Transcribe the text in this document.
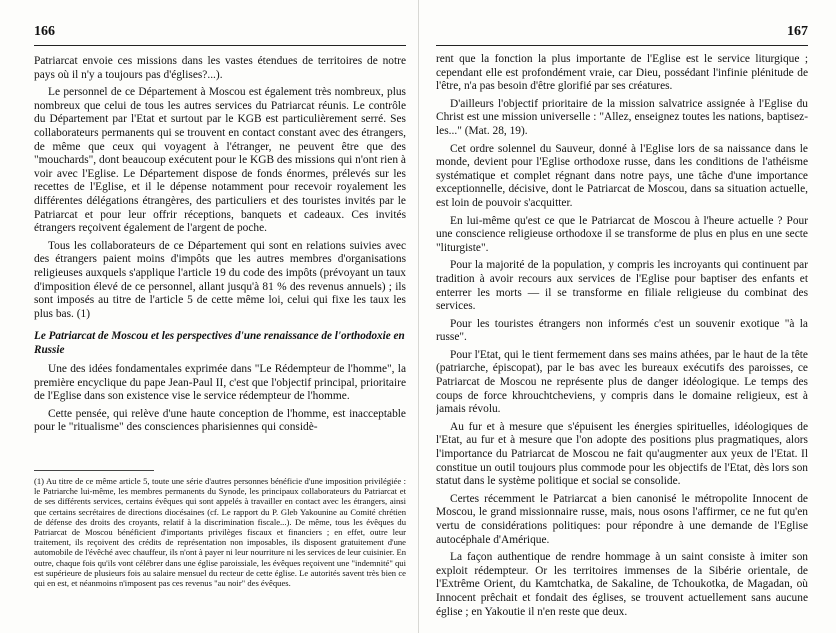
166

Patriarcat envoie ces missions dans les vastes étendues de territoires de notre pays où il n'y a toujours pas d'églises?...).

Le personnel de ce Département à Moscou est également très nombreux, plus nombreux que celui de tous les autres services du Patriarcat réunis. Le contrôle du Département par l'Etat et surtout par le KGB est particulièrement serré. Ses collaborateurs permanents qui se trouvent en contact constant avec des étrangers, de même que ceux qui voyagent à l'étranger, ne peuvent être que des "mouchards", dont beaucoup exécutent pour le KGB des missions qui n'ont rien à voir avec l'Eglise. Le Département dispose de fonds énormes, prélevés sur les recettes de l'Eglise, et il le dépense notamment pour recevoir royalement les différentes délégations étrangères, des particuliers et des touristes invités par le Patriarcat et pour leur offrir réceptions, banquets et cadeaux. Ces invités étrangers reçoivent également de l'argent de poche.

Tous les collaborateurs de ce Département qui sont en relations suivies avec des étrangers paient moins d'impôts que les autres membres d'organisations religieuses auxquels s'applique l'article 19 du code des impôts (prévoyant un taux d'imposition élevé de ce personnel, allant jusqu'à 81 % des revenus annuels) ; ils sont imposés au titre de l'article 5 de cette même loi, celui qui fixe les taux les plus bas. (1)

Le Patriarcat de Moscou et les perspectives d'une renaissance de l'orthodoxie en Russie

Une des idées fondamentales exprimée dans "Le Rédempteur de l'homme", la première encyclique du pape Jean-Paul II, c'est que l'objectif principal, prioritaire de l'Eglise dans son existence vise le service rédempteur de l'homme.

Cette pensée, qui relève d'une haute conception de l'homme, est inacceptable pour le "ritualisme" des consciences pharisiennes qui considè-

(1) Au titre de ce même article 5, toute une série d'autres personnes bénéficie d'une imposition privilégiée : le Patriarche lui-même, les membres permanents du Synode, les principaux collaborateurs du Patriarcat et de ses différents services, certains évêques qui sont appelés à travailler en contact avec les étrangers, ainsi que certains secrétaires de directions diocésaines (cf. Le rapport du P. Gleb Yakounine au Comité chrétien de défense des droits des croyants, relatif à la discrimination fiscale...). De même, tous les évêques du Patriarcat de Moscou bénéficient d'importants privilèges fiscaux et financiers ; en effet, outre leur traitement, ils reçoivent des crédits de représentation non imposables, ils disposent gratuitement d'une automobile de l'évêché avec chauffeur, ils n'ont à payer ni leur nourriture ni les services de leur cuisinier. En outre, chaque fois qu'ils vont célébrer dans une église paroissiale, les évêques reçoivent une "indemnité" qui est supérieure de plusieurs fois au salaire mensuel du recteur de cette église. Le autorités savent très bien ce qui en est, et néanmoins n'imposent pas ces revenus "au noir" des évêques.

167

rent que la fonction la plus importante de l'Eglise est le service liturgique ; cependant elle est profondément vraie, car Dieu, possédant l'infinie plénitude de l'être, n'a pas besoin d'être glorifié par ses créatures.

D'ailleurs l'objectif prioritaire de la mission salvatrice assignée à l'Eglise du Christ est une mission universelle : "Allez, enseignez toutes les nations, baptisez-les..." (Mat. 28, 19).

Cet ordre solennel du Sauveur, donné à l'Eglise lors de sa naissance dans le monde, devient pour l'Eglise orthodoxe russe, dans les conditions de l'athéisme systématique et complet régnant dans notre pays, une tâche d'une importance exceptionnelle, décisive, dont le Patriarcat de Moscou, dans sa situation actuelle, est loin de pouvoir s'acquitter.

En lui-même qu'est ce que le Patriarcat de Moscou à l'heure actuelle ? Pour une conscience religieuse orthodoxe il se transforme de plus en plus en une secte "liturgiste".

Pour la majorité de la population, y compris les incroyants qui continuent par tradition à avoir recours aux services de l'Eglise pour baptiser des enfants et enterrer les morts — il se transforme en filiale religieuse du combinat des services.

Pour les touristes étrangers non informés c'est un souvenir exotique "à la russe".

Pour l'Etat, qui le tient fermement dans ses mains athées, par le haut de la tête (patriarche, épiscopat), par le bas avec les bureaux exécutifs des paroisses, ce Patriarcat de Moscou ne représente plus de danger idéologique. Le temps des coups de force khrouchtcheviens, y compris dans le domaine religieux, est à jamais révolu.

Au fur et à mesure que s'épuisent les énergies spirituelles, idéologiques de l'Etat, au fur et à mesure que l'on adopte des positions plus pragmatiques, alors l'importance du Patriarcat de Moscou ne fait qu'augmenter aux yeux de l'Etat. Il constitue un outil toujours plus commode pour les objectifs de l'Etat, dès lors son statut dans le système politique et social se consolide.

Certes récemment le Patriarcat a bien canonisé le métropolite Innocent de Moscou, le grand missionnaire russe, mais, nous osons l'affirmer, ce ne fut qu'en vertu de considérations politiques: pour répondre à une demande de l'Eglise autocéphale d'Amérique.

La façon authentique de rendre hommage à un saint consiste à imiter son exploit rédempteur. Or les territoires immenses de la Sibérie orientale, de l'Extrême Orient, du Kamtchatka, de Sakaline, de Tchoukotka, de Magadan, où Innocent prêchait et fondait des églises, se trouvent actuellement sans aucune église ; en Yakoutie il n'en reste que deux.
